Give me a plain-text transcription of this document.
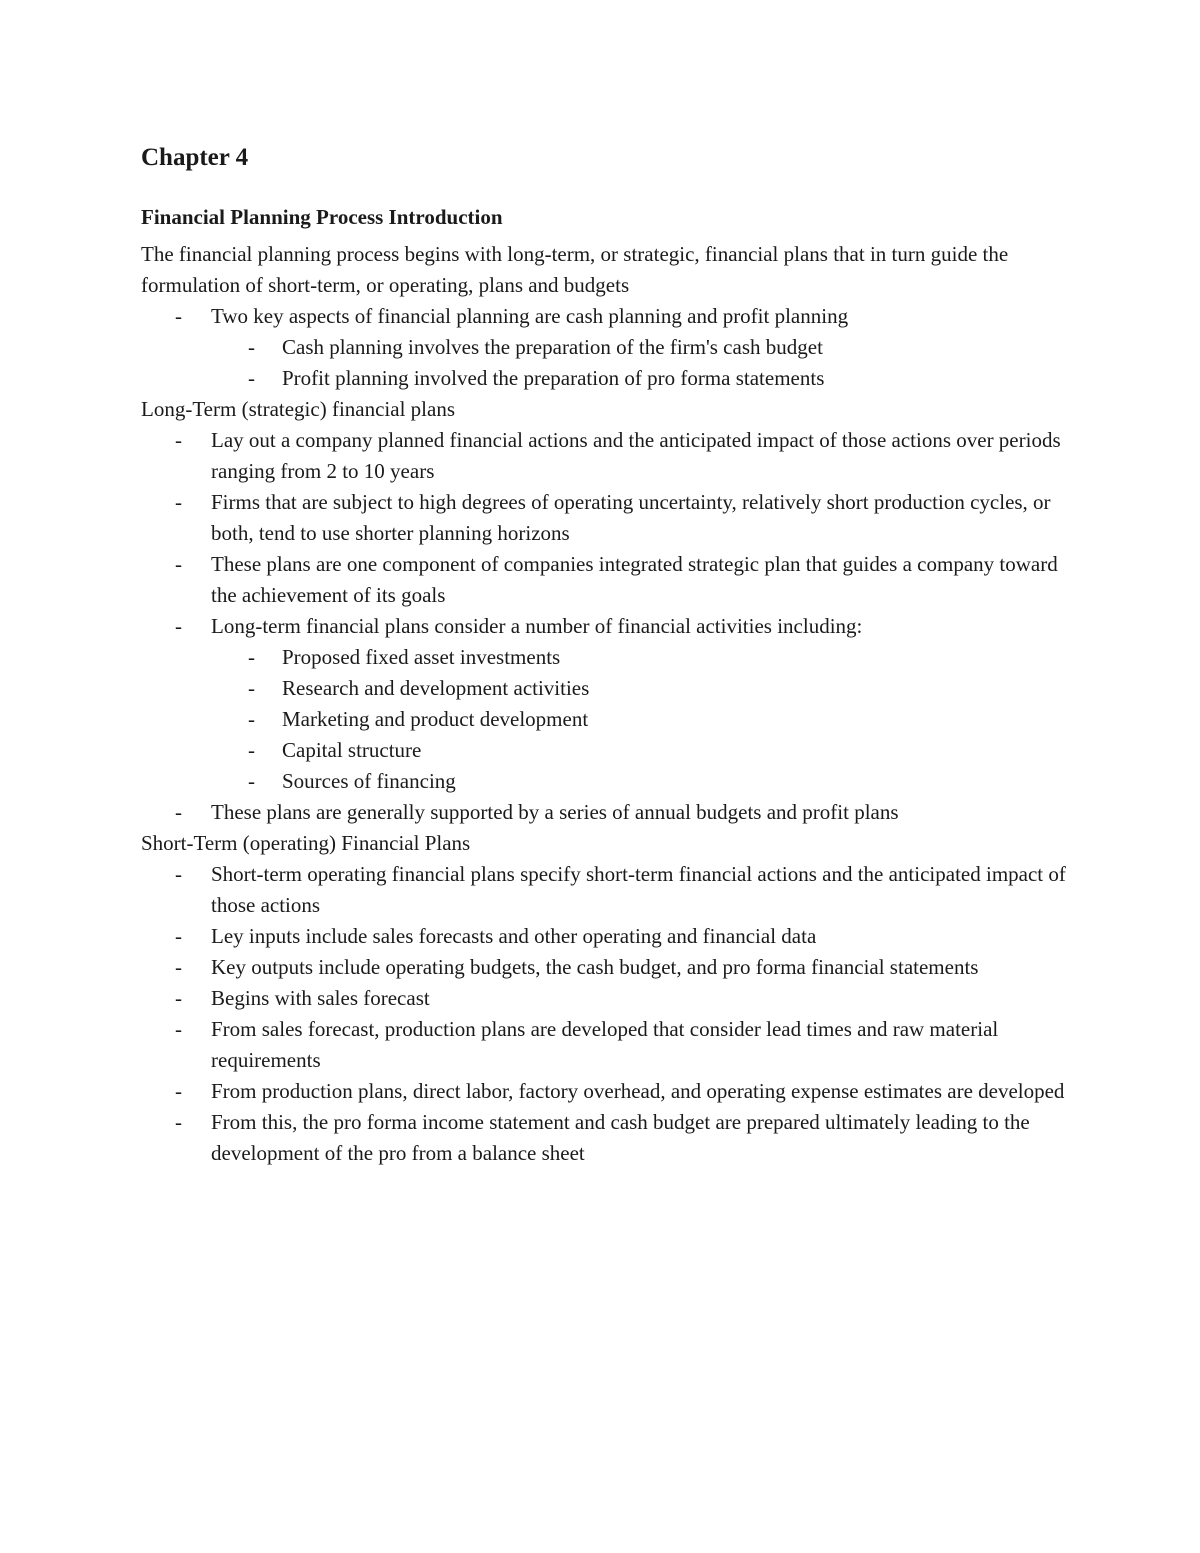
Chapter 4
Financial Planning Process Introduction

The financial planning process begins with long-term, or strategic, financial plans that in turn guide the formulation of short-term, or operating, plans and budgets

- Two key aspects of financial planning are cash planning and profit planning
- Cash planning involves the preparation of the firm's cash budget
- Profit planning involved the preparation of pro forma statements

Long-Term (strategic) financial plans

- Lay out a company planned financial actions and the anticipated impact of those actions over periods ranging from 2 to 10 years
- Firms that are subject to high degrees of operating uncertainty, relatively short production cycles, or both, tend to use shorter planning horizons
- These plans are one component of companies integrated strategic plan that guides a company toward the achievement of its goals
- Long-term financial plans consider a number of financial activities including:
- Proposed fixed asset investments
- Research and development activities
- Marketing and product development
- Capital structure
- Sources of financing
- These plans are generally supported by a series of annual budgets and profit plans

Short-Term (operating) Financial Plans

- Short-term operating financial plans specify short-term financial actions and the anticipated impact of those actions
- Ley inputs include sales forecasts and other operating and financial data
- Key outputs include operating budgets, the cash budget, and pro forma financial statements
- Begins with sales forecast
- From sales forecast, production plans are developed that consider lead times and raw material requirements
- From production plans, direct labor, factory overhead, and operating expense estimates are developed
- From this, the pro forma income statement and cash budget are prepared ultimately leading to the development of the pro from a balance sheet
